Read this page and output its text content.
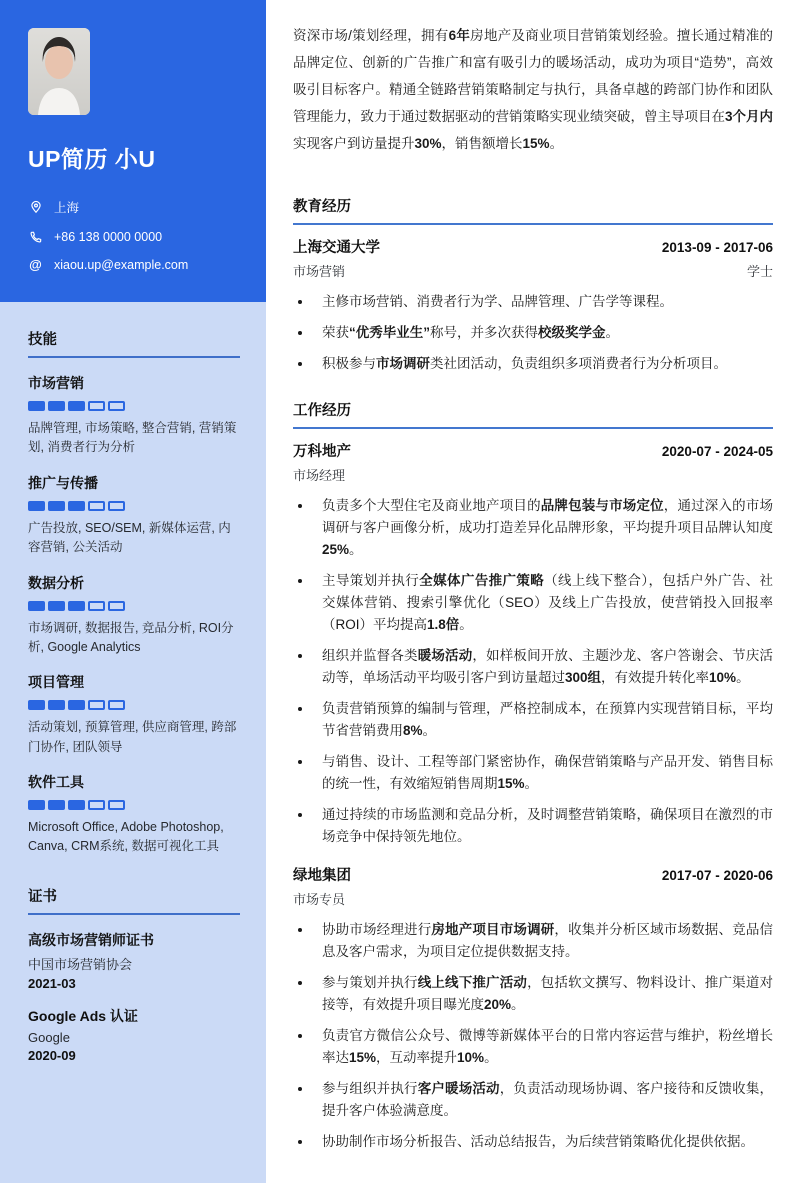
UP简历 小U
上海
+86 138 0000 0000
@ xiaou.up@example.com
技能
市场营销
品牌管理, 市场策略, 整合营销, 营销策划, 消费者行为分析
推广与传播
广告投放, SEO/SEM, 新媒体运营, 内容营销, 公关活动
数据分析
市场调研, 数据报告, 竞品分析, ROI分析, Google Analytics
项目管理
活动策划, 预算管理, 供应商管理, 跨部门协作, 团队领导
软件工具
Microsoft Office, Adobe Photoshop, Canva, CRM系统, 数据可视化工具
证书
高级市场营销师证书
中国市场营销协会
2021-03
Google Ads 认证
Google
2020-09

资深市场/策划经理，拥有6年房地产及商业项目营销策划经验。擅长通过精准的品牌定位、创新的广告推广和富有吸引力的暖场活动，成功为项目“造势”，高效吸引目标客户。精通全链路营销策略制定与执行，具备卓越的跨部门协作和团队管理能力，致力于通过数据驱动的营销策略实现业绩突破，曾主导项目在3个月内实现客户到访量提升30%，销售额增长15%。

教育经历
上海交通大学	2013-09 - 2017-06
市场营销	学士
• 主修市场营销、消费者行为学、品牌管理、广告学等课程。
• 荣获“优秀毕业生”称号，并多次获得校级奖学金。
• 积极参与市场调研类社团活动，负责组织多项消费者行为分析项目。
工作经历
万科地产	2020-07 - 2024-05
市场经理
• 负责多个大型住宅及商业地产项目的品牌包装与市场定位，通过深入的市场调研与客户画像分析，成功打造差异化品牌形象，平均提升项目品牌认知度25%。
• 主导策划并执行全媒体广告推广策略（线上线下整合），包括户外广告、社交媒体营销、搜索引擎优化（SEO）及线上广告投放，使营销投入回报率（ROI）平均提高1.8倍。
• 组织并监督各类暖场活动，如样板间开放、主题沙龙、客户答谢会、节庆活动等，单场活动平均吸引客户到访量超过300组，有效提升转化率10%。
• 负责营销预算的编制与管理，严格控制成本，在预算内实现营销目标，平均节省营销费用8%。
• 与销售、设计、工程等部门紧密协作，确保营销策略与产品开发、销售目标的统一性，有效缩短销售周期15%。
• 通过持续的市场监测和竞品分析，及时调整营销策略，确保项目在激烈的市场竞争中保持领先地位。
绿地集团	2017-07 - 2020-06
市场专员
• 协助市场经理进行房地产项目市场调研，收集并分析区域市场数据、竞品信息及客户需求，为项目定位提供数据支持。
• 参与策划并执行线上线下推广活动，包括软文撰写、物料设计、推广渠道对接等，有效提升项目曝光度20%。
• 负责官方微信公众号、微博等新媒体平台的日常内容运营与维护，粉丝增长率达15%，互动率提升10%。
• 参与组织并执行客户暖场活动，负责活动现场协调、客户接待和反馈收集，提升客户体验满意度。
• 协助制作市场分析报告、活动总结报告，为后续营销策略优化提供依据。
